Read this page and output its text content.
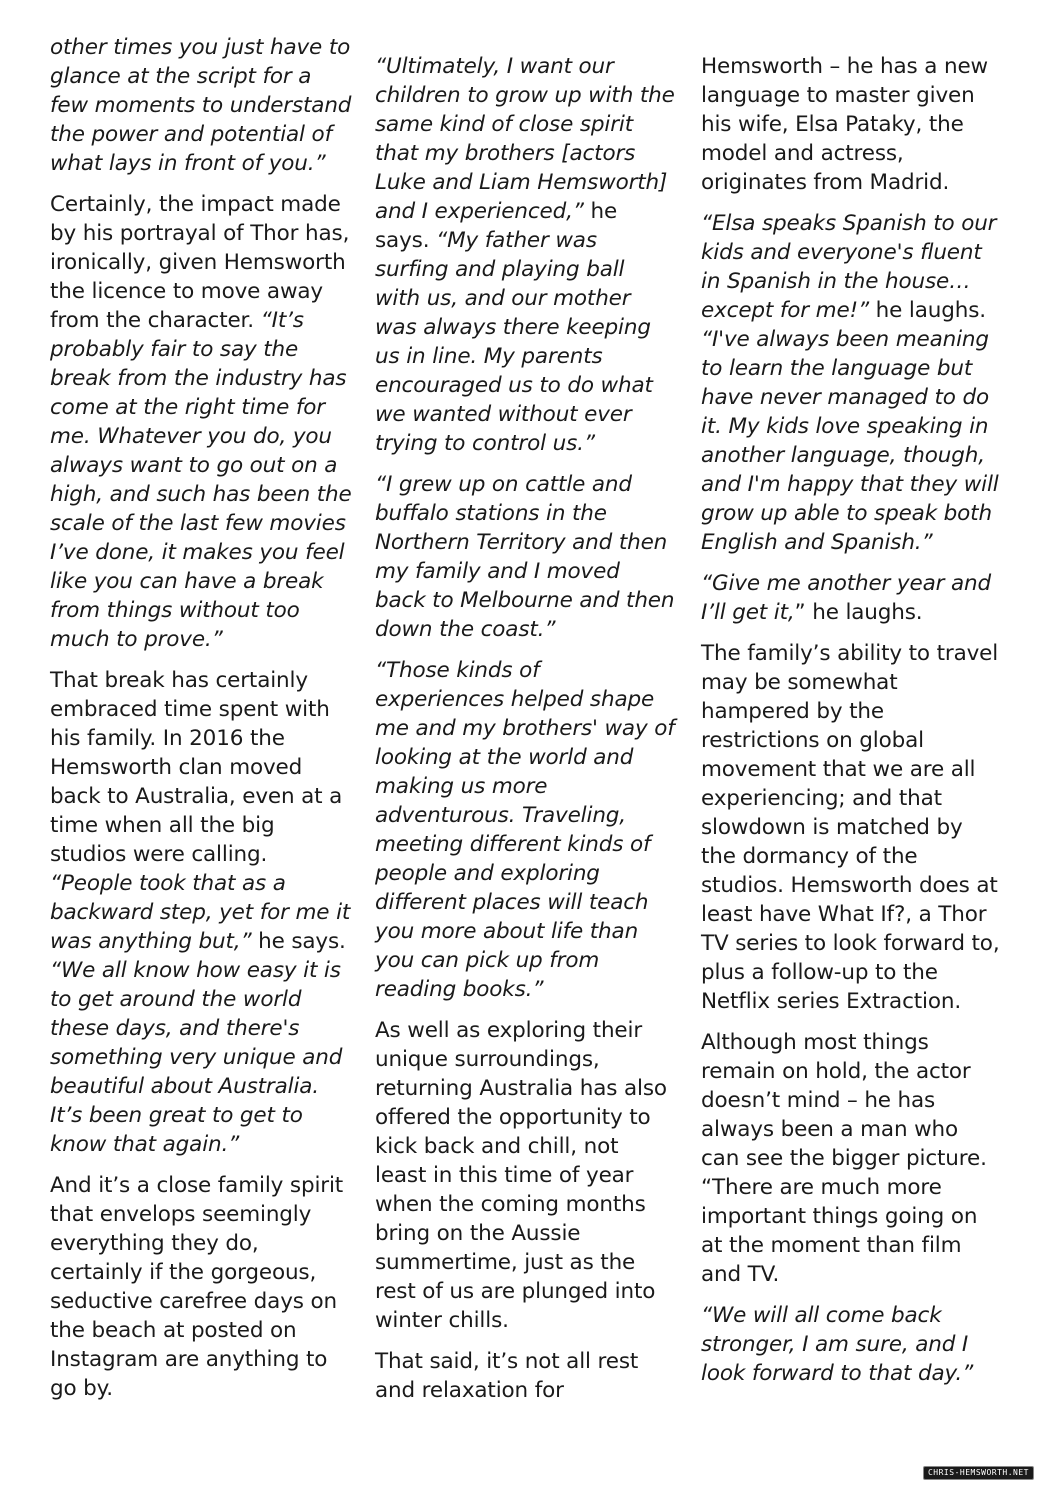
other times you just have to glance at the script for a few moments to understand the power and potential of what lays in front of you.”

Certainly, the impact made by his portrayal of Thor has, ironically, given Hemsworth the licence to move away from the character. “It’s probably fair to say the break from the industry has come at the right time for me. Whatever you do, you always want to go out on a high, and such has been the scale of the last few movies I’ve done, it makes you feel like you can have a break from things without too much to prove.”

That break has certainly embraced time spent with his family. In 2016 the Hemsworth clan moved back to Australia, even at a time when all the big studios were calling. “People took that as a backward step, yet for me it was anything but,” he says. “We all know how easy it is to get around the world these days, and there's something very unique and beautiful about Australia. It’s been great to get to know that again.”

And it’s a close family spirit that envelops seemingly everything they do, certainly if the gorgeous, seductive carefree days on the beach at posted on Instagram are anything to go by.

“Ultimately, I want our children to grow up with the same kind of close spirit that my brothers [actors Luke and Liam Hemsworth] and I experienced,” he says. “My father was surfing and playing ball with us, and our mother was always there keeping us in line. My parents encouraged us to do what we wanted without ever trying to control us.”

“I grew up on cattle and buffalo stations in the Northern Territory and then my family and I moved back to Melbourne and then down the coast.”

“Those kinds of experiences helped shape me and my brothers' way of looking at the world and making us more adventurous. Traveling, meeting different kinds of people and exploring different places will teach you more about life than you can pick up from reading books.”

As well as exploring their unique surroundings, returning Australia has also offered the opportunity to kick back and chill, not least in this time of year when the coming months bring on the Aussie summertime, just as the rest of us are plunged into winter chills.

That said, it’s not all rest and relaxation for

Hemsworth – he has a new language to master given his wife, Elsa Pataky, the model and actress, originates from Madrid.

“Elsa speaks Spanish to our kids and everyone's fluent in Spanish in the house… except for me!” he laughs. “I've always been meaning to learn the language but have never managed to do it. My kids love speaking in another language, though, and I'm happy that they will grow up able to speak both English and Spanish.”

“Give me another year and I’ll get it,” he laughs.

The family’s ability to travel may be somewhat hampered by the restrictions on global movement that we are all experiencing; and that slowdown is matched by the dormancy of the studios. Hemsworth does at least have What If?, a Thor TV series to look forward to, plus a follow-up to the Netflix series Extraction.

Although most things remain on hold, the actor doesn’t mind – he has always been a man who can see the bigger picture. “There are much more important things going on at the moment than film and TV.

“We will all come back stronger, I am sure, and I look forward to that day.”

CHRIS-HEMSWORTH.NET
